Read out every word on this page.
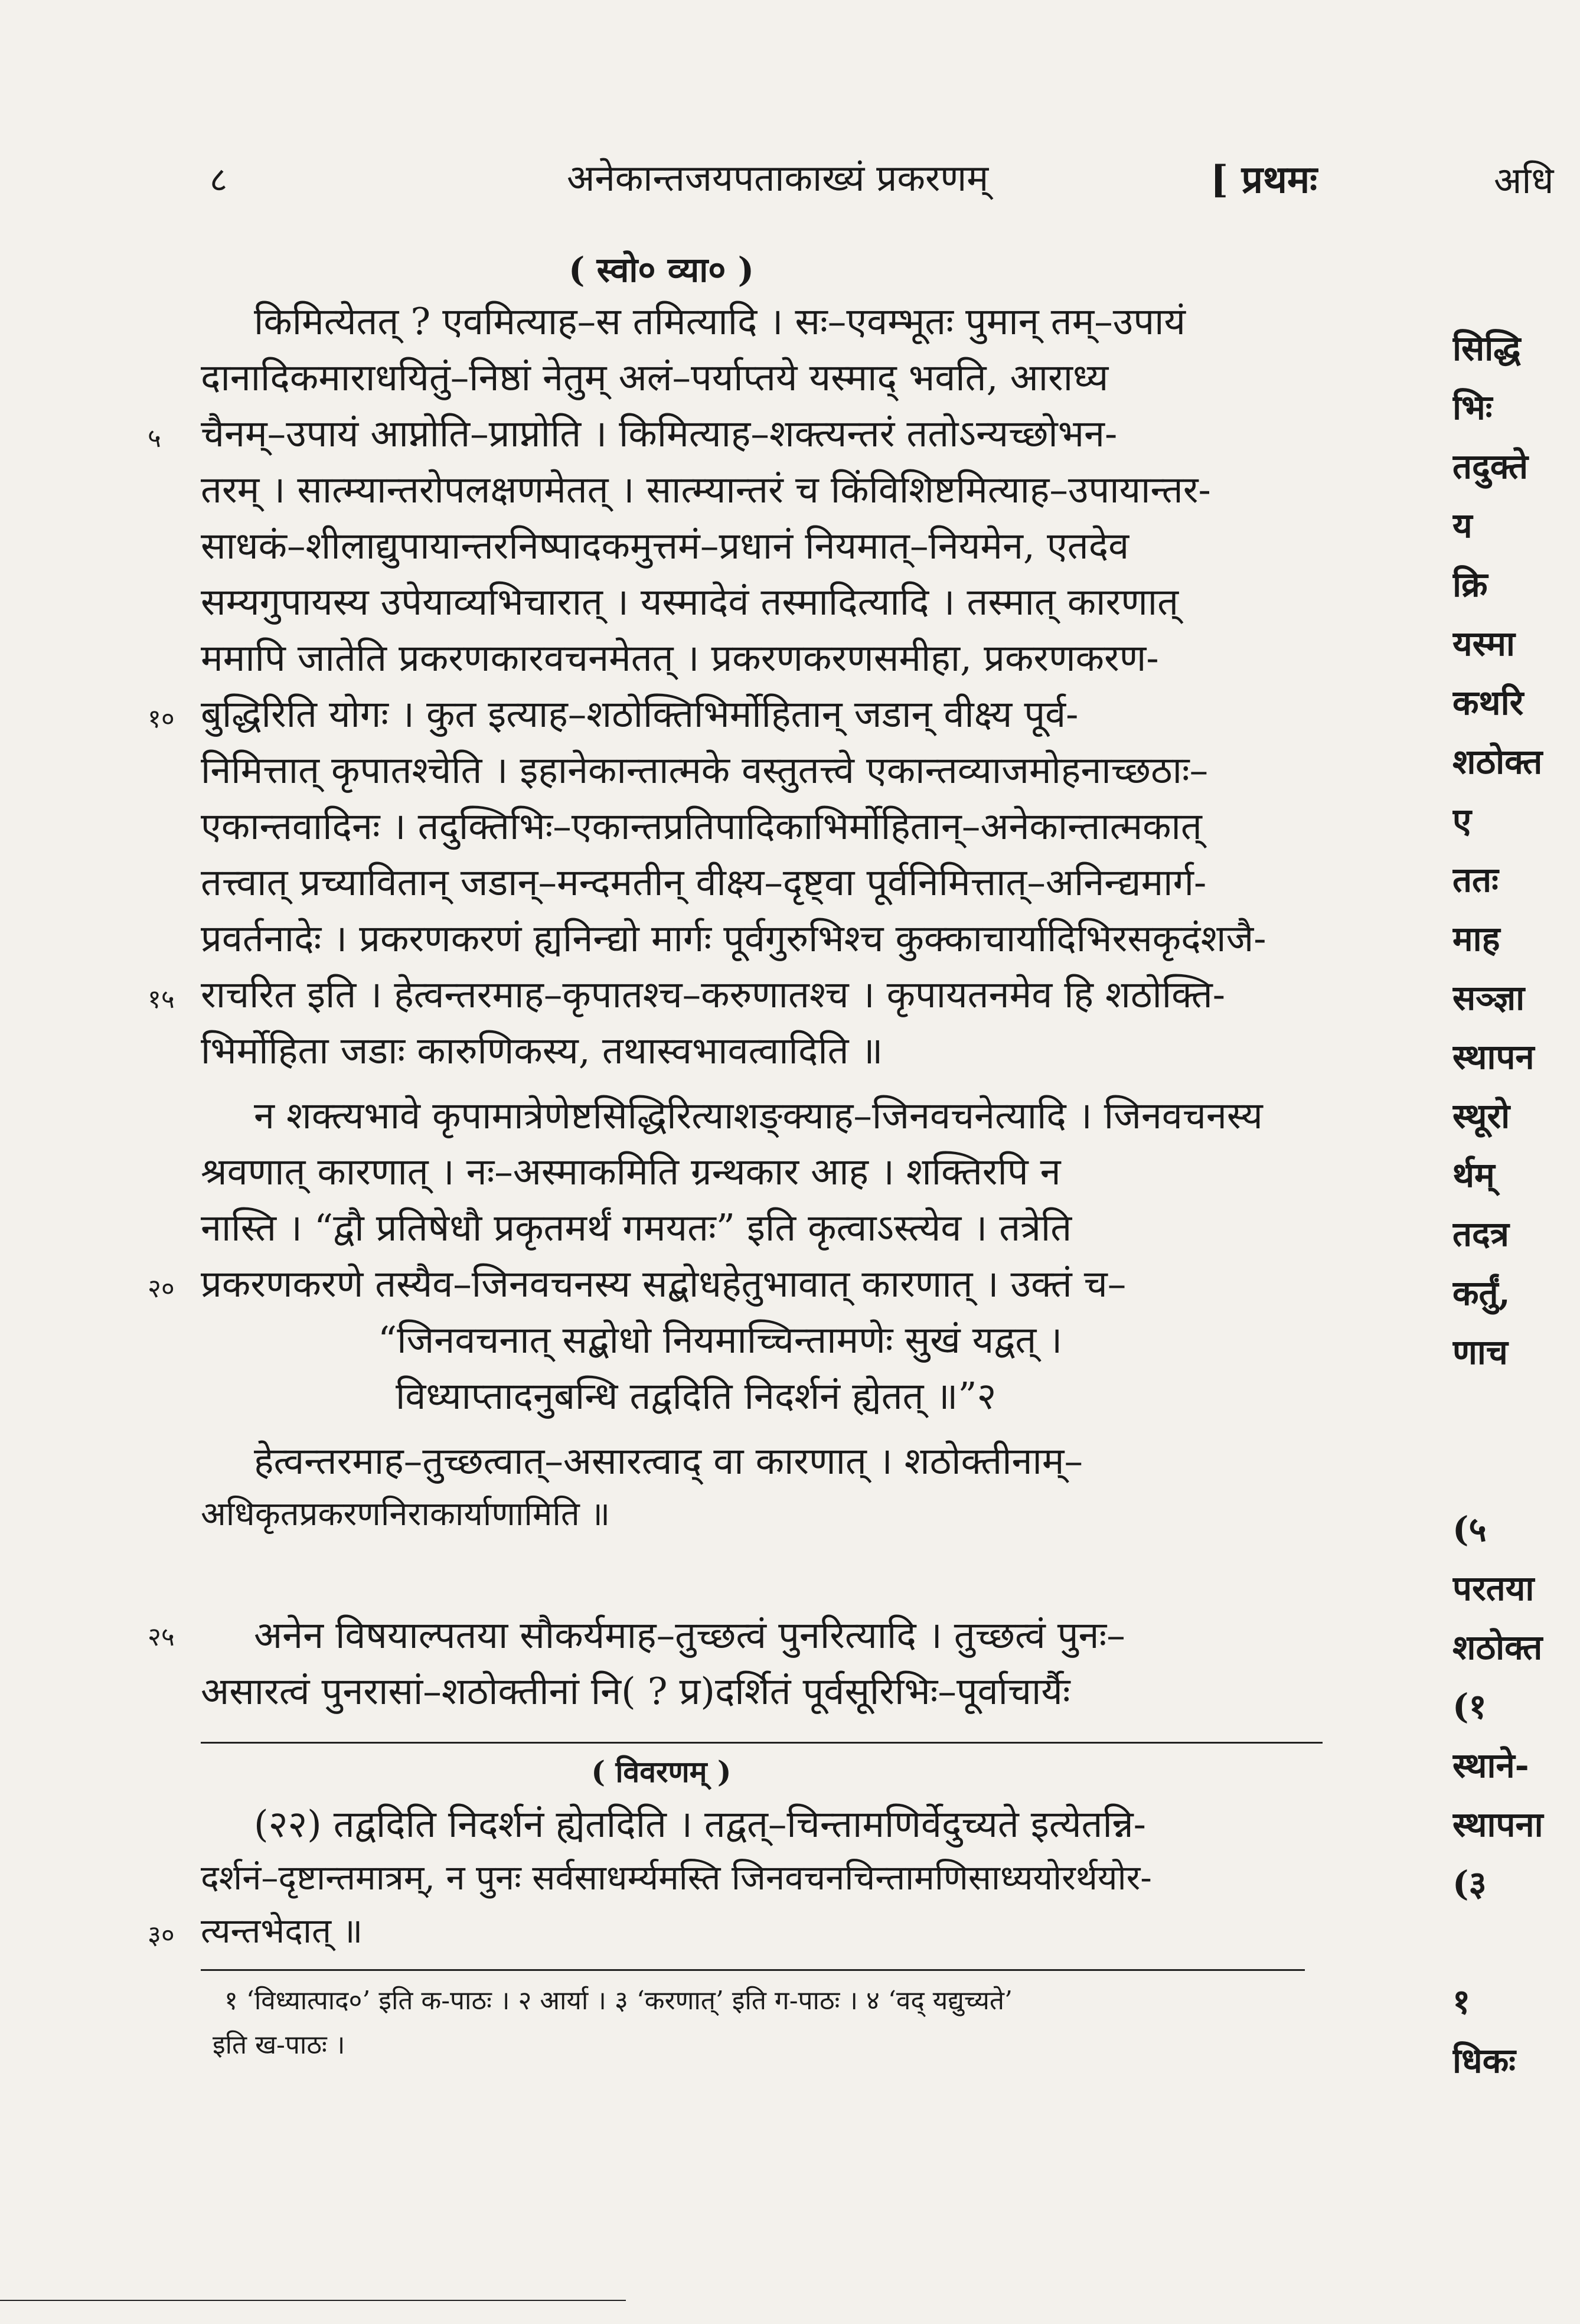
८	अनेकान्तजयपताकाख्यं प्रकरणम्	[ प्रथमः	अधि
( स्वो० व्या० )
किमित्येतत् ? एवमित्याह–स तमित्यादि । सः–एवम्भूतः पुमान् तम्–उपायं
दानादिकमाराधयितुं–निष्ठां नेतुम् अलं–पर्याप्तये यस्माद् भवति, आराध्य
५ चैनम्–उपायं आप्नोति–प्राप्नोति । किमित्याह–शक्त्यन्तरं ततोऽन्यच्छोभन-
तरम् । सात्म्यान्तरोपलक्षणमेतत् । सात्म्यान्तरं च किंविशिष्टमित्याह–उपायान्तर-
साधकं–शीलाद्युपायान्तरनिष्पादकमुत्तमं–प्रधानं नियमात्–नियमेन, एतदेव
सम्यगुपायस्य उपेयाव्यभिचारात् । यस्मादेवं तस्मादित्यादि । तस्मात् कारणात्
ममापि जातेति प्रकरणकारवचनमेतत् । प्रकरणकरणसमीहा, प्रकरणकरण-
१० बुद्धिरिति योगः । कुत इत्याह–शठोक्तिभिर्मोहितान् जडान् वीक्ष्य पूर्व-
निमित्तात् कृपातश्चेति । इहानेकान्तात्मके वस्तुतत्त्वे एकान्तव्याजमोहनाच्छठाः–
एकान्तवादिनः । तदुक्तिभिः–एकान्तप्रतिपादिकाभिर्मोहितान्–अनेकान्तात्मकात्
तत्त्वात् प्रच्यावितान् जडान्–मन्दमतीन् वीक्ष्य–दृष्ट्वा पूर्वनिमित्तात्–अनिन्द्यमार्ग-
प्रवर्तनादेः । प्रकरणकरणं ह्यनिन्द्यो मार्गः पूर्वगुरुभिश्च कुक्काचार्यादिभिरसकृदंशजै-
१५ राचरित इति । हेत्वन्तरमाह–कृपातश्च–करुणातश्च । कृपायतनमेव हि शठोक्ति-
भिर्मोहिता जडाः कारुणिकस्य, तथास्वभावत्वादिति ॥
न शक्त्यभावे कृपामात्रेणेष्टसिद्धिरित्याशङ्क्याह–जिनवचनेत्यादि । जिनवचनस्य
श्रवणात् कारणात् । नः–अस्माकमिति ग्रन्थकार आह । शक्तिरपि न
नास्ति । “द्वौ प्रतिषेधौ प्रकृतमर्थं गमयतः” इति कृत्वाऽस्त्येव । तत्रेति
२० प्रकरणकरणे तस्यैव–जिनवचनस्य सद्बोधहेतुभावात् कारणात् । उक्तं च–
“जिनवचनात् सद्बोधो नियमाच्चिन्तामणेः सुखं यद्वत् ।
विध्याप्तादनुबन्धि तद्वदिति निदर्शनं ह्येतत् ॥”२
हेत्वन्तरमाह–तुच्छत्वात्–असारत्वाद् वा कारणात् । शठोक्तीनाम्–
अधिकृतप्रकरणनिराकार्याणामिति ॥
२५ अनेन विषयाल्पतया सौकर्यमाह–तुच्छत्वं पुनरित्यादि । तुच्छत्वं पुनः–
असारत्वं पुनरासां–शठोक्तीनां नि( ? प्र)दर्शितं पूर्वसूरिभिः–पूर्वाचार्यैः
( विवरणम् )
(२२) तद्वदिति निदर्शनं ह्येतदिति । तद्वत्–चिन्तामणिर्वेदुच्यते इत्येतन्नि-
दर्शनं–दृष्टान्तमात्रम्, न पुनः सर्वसाधर्म्यमस्ति जिनवचनचिन्तामणिसाध्ययोरर्थयोर-
३० त्यन्तभेदात् ॥
१ ‘विध्यात्पाद०’ इति क-पाठः । २ आर्या । ३ ‘करणात्’ इति ग-पाठः । ४ ‘वद् यद्युच्यते’
इति ख-पाठः ।
सिद्धि
भिः
तदुक्ते
य
क्रि
यस्मा
कथरि
शठोक्त
ए
ततः
माह
सञ्ज्ञा
स्थापन
स्थूरो
र्थम्
तदत्र
कर्तुं,
णाच
(५
परतया
शठोक्त
(१
स्थाने-
स्थापना
(३
१
धिकः
